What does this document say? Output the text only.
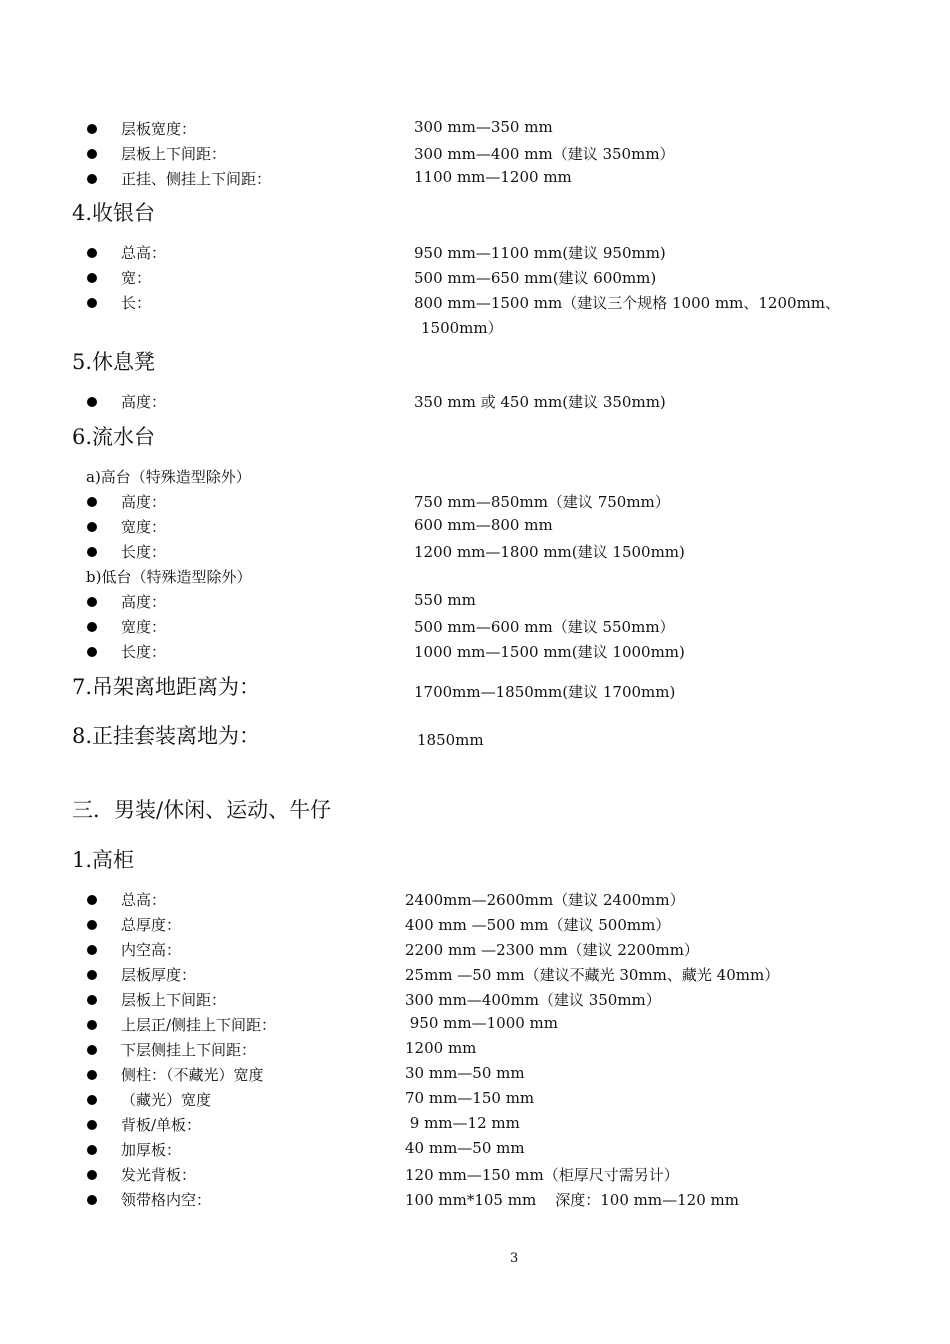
层板宽度：	300 mm—350 mm
层板上下间距：	300 mm—400 mm（建议 350mm）
正挂、侧挂上下间距：	1100 mm—1200 mm
4.收银台
总高：	950 mm—1100 mm(建议 950mm)
宽：	500 mm—650 mm(建议 600mm)
长：	800 mm—1500 mm（建议三个规格 1000 mm、1200mm、
1500mm）
5.休息凳
高度：	350 mm 或 450 mm(建议 350mm)
6.流水台
a)高台（特殊造型除外）
高度：	750 mm—850mm（建议 750mm）
宽度：	600 mm—800 mm
长度：	1200 mm—1800 mm(建议 1500mm)
b)低台（特殊造型除外）
高度：	550 mm
宽度：	500 mm—600 mm（建议 550mm）
长度：	1000 mm—1500 mm(建议 1000mm)
7.吊架离地距离为：	1700mm—1850mm(建议 1700mm)
8.正挂套装离地为：	1850mm
三．男装/休闲、运动、牛仔
1.高柜
总高：	2400mm—2600mm（建议 2400mm）
总厚度：	400 mm —500 mm（建议 500mm）
内空高：	2200 mm —2300 mm（建议 2200mm）
层板厚度：	25mm —50 mm（建议不藏光 30mm、藏光 40mm）
层板上下间距：	300 mm—400mm（建议 350mm）
上层正/侧挂上下间距：	950 mm—1000 mm
下层侧挂上下间距：	1200 mm
侧柱：（不藏光）宽度	30 mm—50 mm
（藏光）宽度	70 mm—150 mm
背板/单板：	9 mm—12 mm
加厚板：	40 mm—50 mm
发光背板：	120 mm—150 mm（柜厚尺寸需另计）
领带格内空：	100 mm*105 mm    深度：100 mm—120 mm
3
